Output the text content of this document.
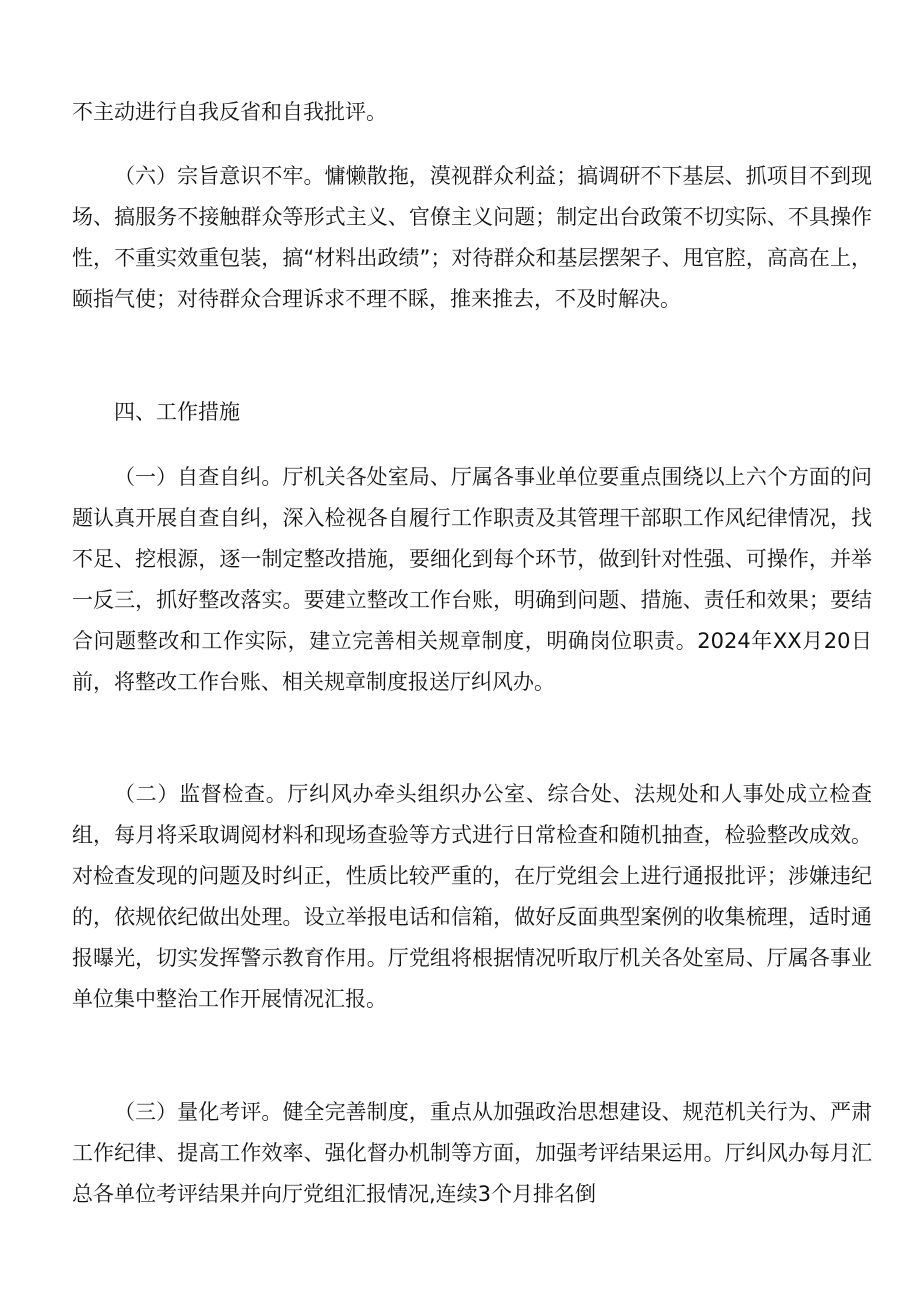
不主动进行自我反省和自我批评。

（六）宗旨意识不牢。慵懒散拖，漠视群众利益；搞调研不下基层、抓项目不到现场、搞服务不接触群众等形式主义、官僚主义问题；制定出台政策不切实际、不具操作性，不重实效重包装，搞“材料出政绩”；对待群众和基层摆架子、甩官腔，高高在上，颐指气使；对待群众合理诉求不理不睬，推来推去，不及时解决。

四、工作措施

（一）自查自纠。厅机关各处室局、厅属各事业单位要重点围绕以上六个方面的问题认真开展自查自纠，深入检视各自履行工作职责及其管理干部职工作风纪律情况，找不足、挖根源，逐一制定整改措施，要细化到每个环节，做到针对性强、可操作，并举一反三，抓好整改落实。要建立整改工作台账，明确到问题、措施、责任和效果；要结合问题整改和工作实际，建立完善相关规章制度，明确岗位职责。2024年XX月20日前，将整改工作台账、相关规章制度报送厅纠风办。

（二）监督检查。厅纠风办牵头组织办公室、综合处、法规处和人事处成立检查组，每月将采取调阅材料和现场查验等方式进行日常检查和随机抽查，检验整改成效。对检查发现的问题及时纠正，性质比较严重的，在厅党组会上进行通报批评；涉嫌违纪的，依规依纪做出处理。设立举报电话和信箱，做好反面典型案例的收集梳理，适时通报曝光，切实发挥警示教育作用。厅党组将根据情况听取厅机关各处室局、厅属各事业单位集中整治工作开展情况汇报。

（三）量化考评。健全完善制度，重点从加强政治思想建设、规范机关行为、严肃工作纪律、提高工作效率、强化督办机制等方面，加强考评结果运用。厅纠风办每月汇总各单位考评结果并向厅党组汇报情况,连续3个月排名倒
